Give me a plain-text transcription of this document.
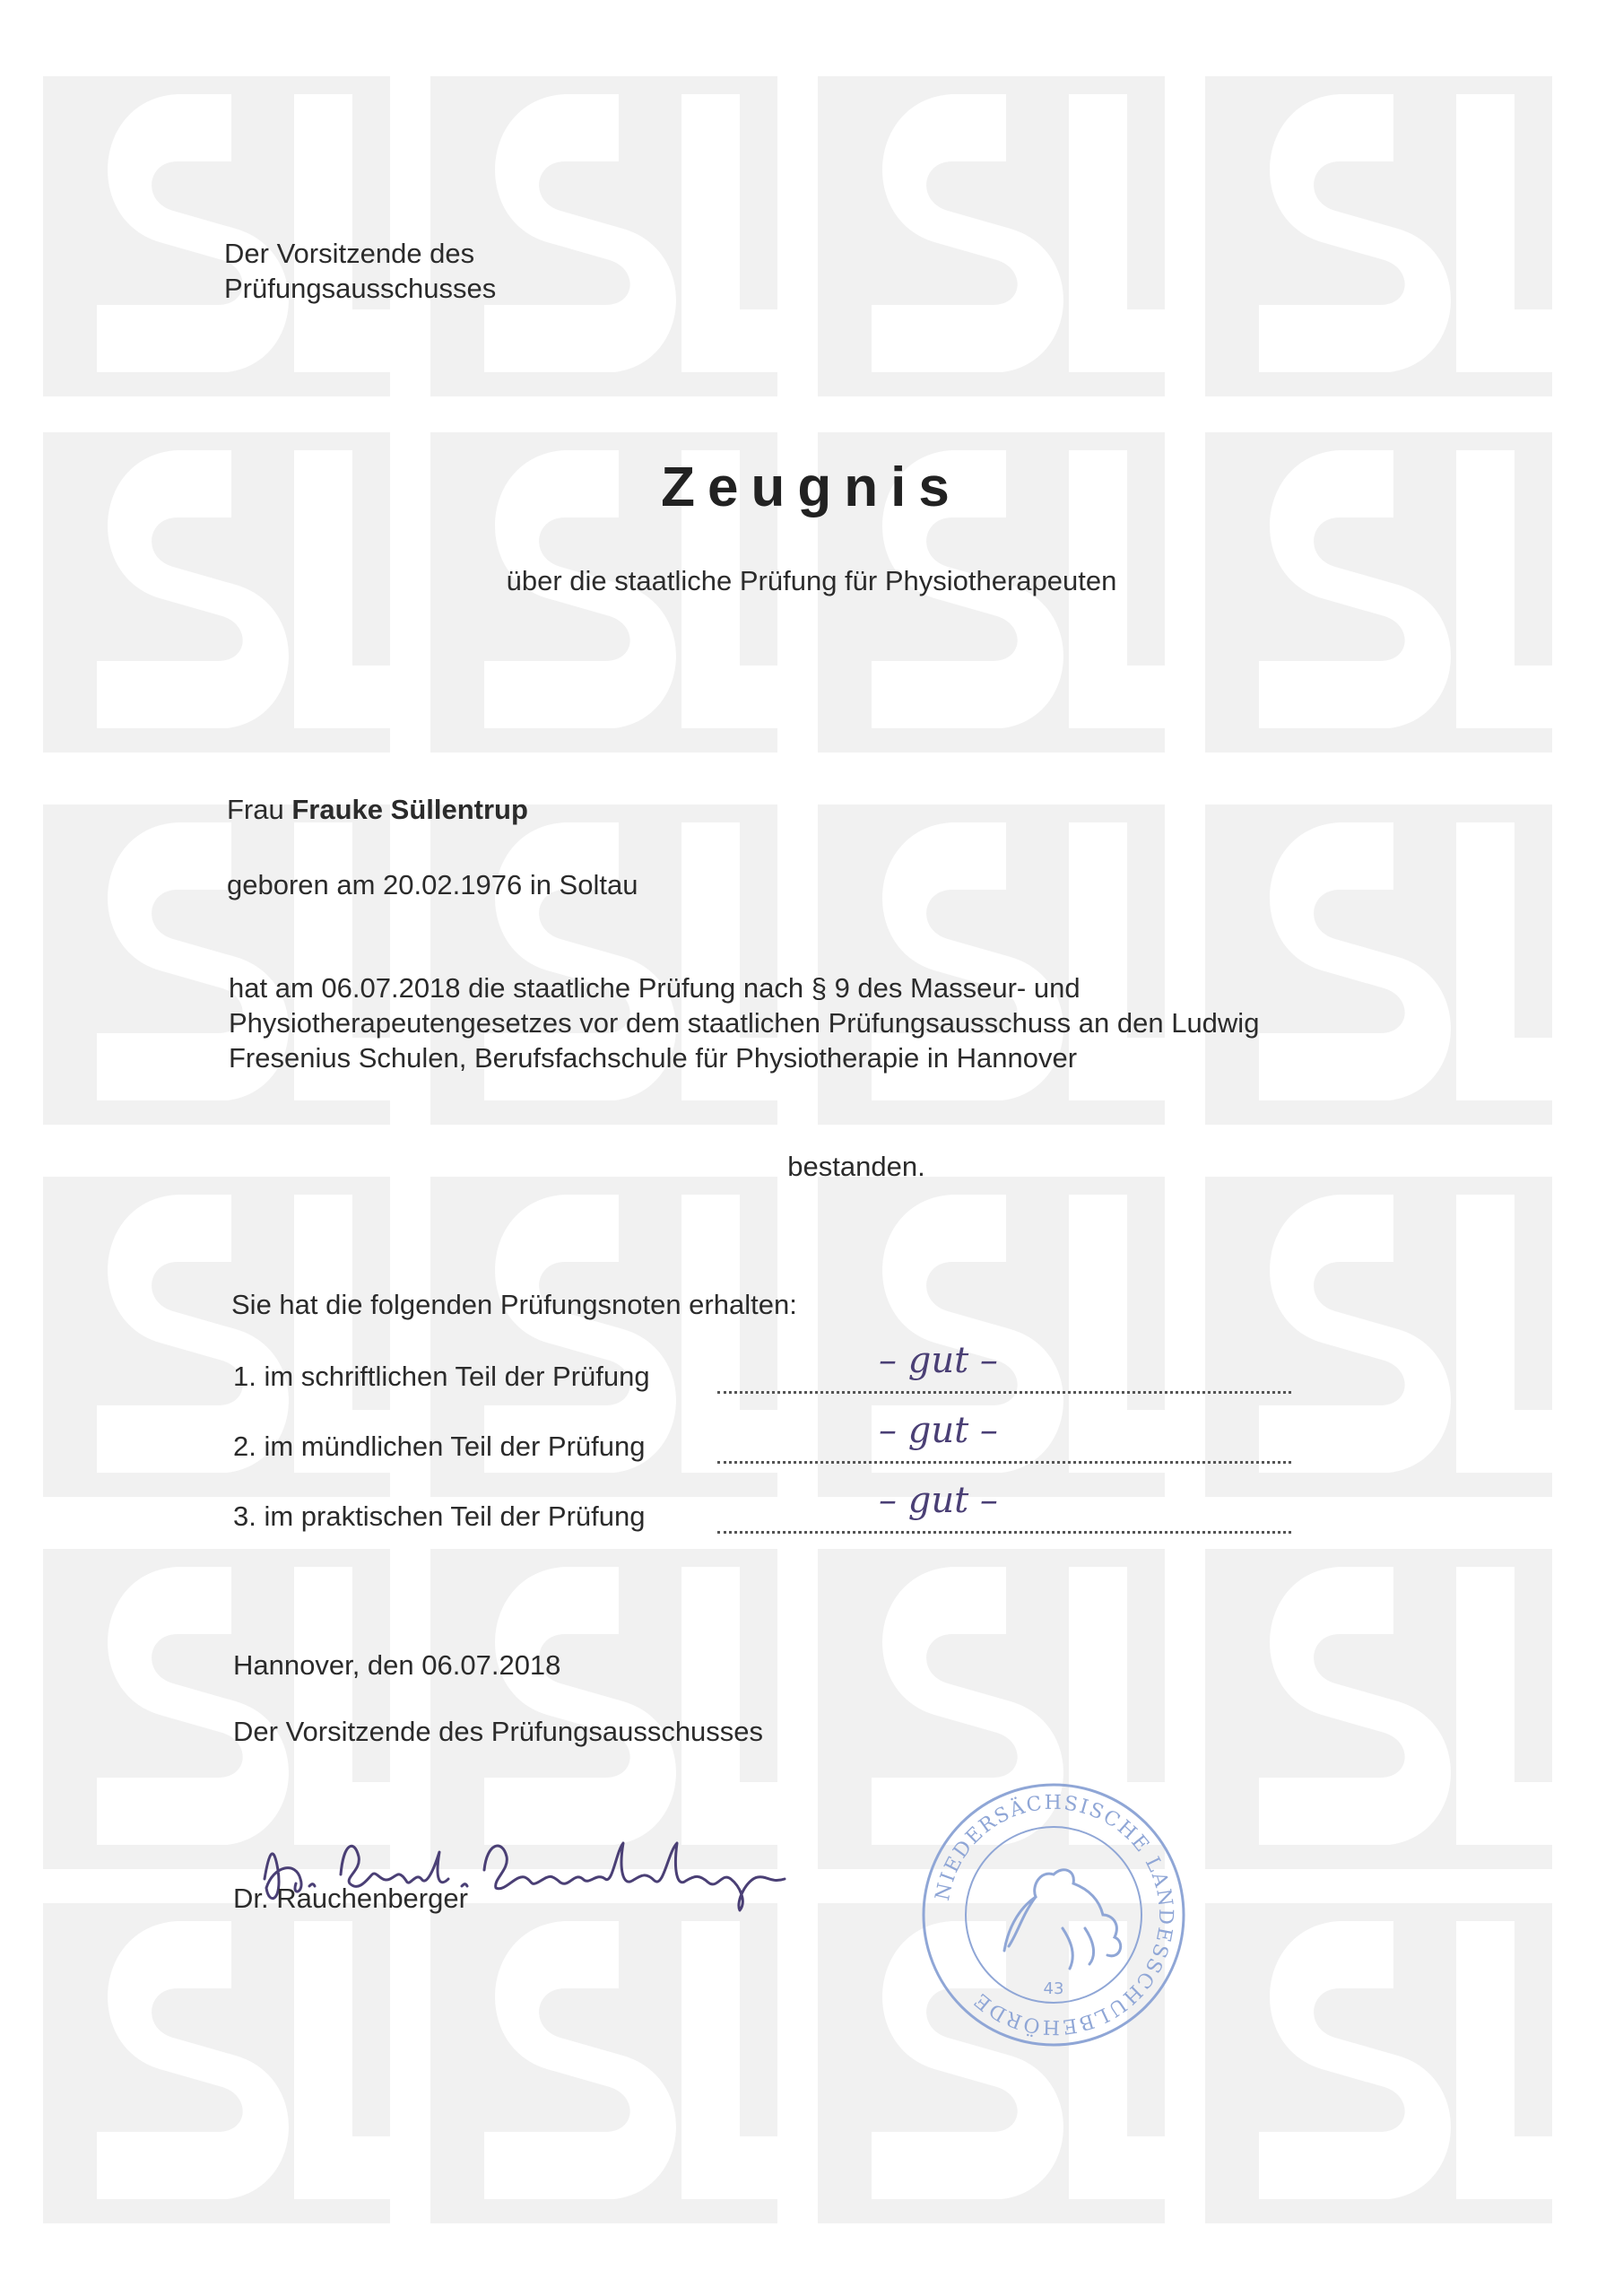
Der Vorsitzende des
Prüfungsausschusses
Zeugnis
über die staatliche Prüfung für Physiotherapeuten
Frau Frauke Süllentrup
geboren am 20.02.1976 in Soltau
hat am 06.07.2018 die staatliche Prüfung nach § 9 des Masseur- und
Physiotherapeutengesetzes vor dem staatlichen Prüfungsausschuss an den Ludwig
Fresenius Schulen, Berufsfachschule für Physiotherapie in Hannover
bestanden.
Sie hat die folgenden Prüfungsnoten erhalten:
1. im schriftlichen Teil der Prüfung	– gut –
2. im mündlichen Teil der Prüfung	– gut –
3. im praktischen Teil der Prüfung	– gut –
Hannover, den 06.07.2018
Der Vorsitzende des Prüfungsausschusses
Dr. Bernh. Rauchenberger
Dr. Rauchenberger	NIEDERSÄCHSISCHE LANDESSCHULBEHÖRDE	43
